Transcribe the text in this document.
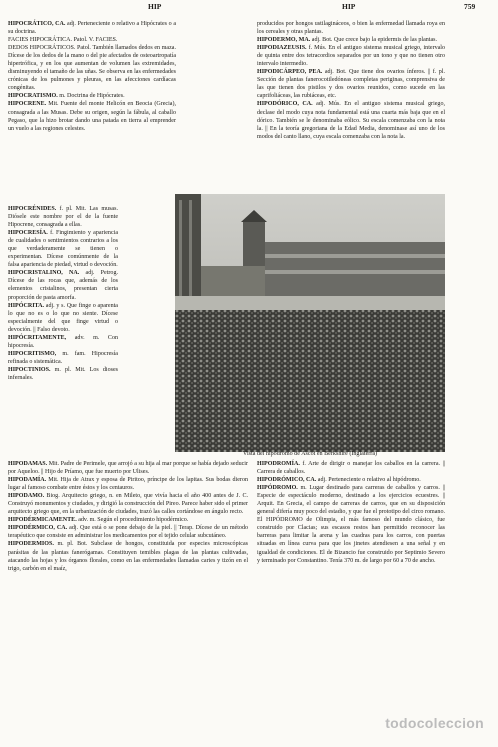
HIP	HIP	759

HIPOCRÁTICO, CA. adj. Perteneciente o relativo a Hipócrates o a su doctrina.

FACIES HIPOCRÁTICA. Patol. V. FACIES.

DEDOS HIPOCRÁTICOS. Patol. También llamados dedos en maza. Dícese de los dedos de la mano o del pie afectados de osteoartropatía hipertrófica, y en los que aumentan de volumen las extremidades, disminuyendo el tamaño de las uñas. Se observa en las enfermedades crónicas de los pulmones y pleuras, en las afecciones cardíacas congénitas.

HIPOCRATISMO. m. Doctrina de Hipócrates.

HIPOCRENE. Mit. Fuente del monte Helicón en Beocia (Grecia), consagrada a las Musas. Debe su origen, según la fábula, al caballo Pegaso, que la hizo brotar dando una patada en tierra al emprender un vuelo a las regiones celestes.

HIPOCRÉNIDES. f. pl. Mit. Las musas. Diósele este nombre por el de la fuente Hipocrene, consagrada a ellas.

HIPOCRESÍA. f. Fingimiento y apariencia de cualidades o sentimientos contrarios a los que verdaderamente se tienen o experimentan. Dícese comúnmente de la falsa apariencia de piedad, virtud o devoción.

HIPOCRISTALINO, NA. adj. Petrog. Dícese de las rocas que, además de los elementos cristalinos, presentan cierta proporción de pasta amorfa.

HIPÓCRITA. adj. y s. Que finge o aparenta lo que no es o lo que no siente. Dícese especialmente del que finge virtud o devoción. || Falso devoto.

HIPÓCRITAMENTE, adv. m. Con hipocresía.

HIPOCRITISMO, m. fam. Hipocresía refinada o sistemática.

HIPOCTINIOS. m. pl. Mit. Los dioses infernales.

HIPODAMAS. Mit. Padre de Perimele, que arrojó a su hija al mar porque se había dejado seducir por Aqueloo. || Hijo de Príamo, que fue muerto por Ulises.

HIPODAMÍA. Mit. Hija de Atrax y esposa de Piritoo, príncipe de los lapitas. Sus bodas dieron lugar al famoso combate entre éstos y los centauros.

HIPODAMO. Biog. Arquitecto griego, n. en Mileto, que vivía hacia el año 400 antes de J. C. Construyó monumentos y ciudades, y dirigió la construcción del Pireo. Parece haber sido el primer arquitecto griego que, en la urbanización de ciudades, trazó las calles cortándose en ángulo recto.

HIPODÉRMICAMENTE. adv. m. Según el procedimiento hipodérmico.

HIPODÉRMICO, CA. adj. Que está o se pone debajo de la piel. || Terap. Dícese de un método terapéutico que consiste en administrar los medicamentos por el tejido celular subcutáneo.

HIPODERMIOS. m. pl. Bot. Subclase de hongos, constituida por especies microscópicas parásitas de las plantas fanerógamas. Constituyen temibles plagas de las plantas cultivadas, atacando las hojas y los órganos florales, como en las enfermedades llamadas caries y tizón en el trigo, carbón en el maíz,

producidos por hongos ustilagináceos, o bien la enfermedad llamada roya en los cereales y otras plantas.

HIPODERMO, MA. adj. Bot. Que crece bajo la epidermis de las plantas.

HIPODIAZEUSIS. f. Mús. En el antiguo sistema musical griego, intervalo de quinta entre dos tetracordios separados por un tono y que no tienen otro intervalo intermedio.

HIPODICÁRPEO, PEA. adj. Bot. Que tiene dos ovarios ínferos. || f. pl. Sección de plantas fanerocotiledóneas completas periginas, comprensiva de las que tienen dos pistilos y dos ovarios reunidos, como sucede en las caprifoliáceas, las rubiáceas, etc.

HIPODÓRICO, CA. adj. Mús. En el antiguo sistema musical griego, declase del modo cuya nota fundamental está una cuarta más baja que en el dórico. También se le denominaba eólico. Su escala comenzaba con la nota la. || En la teoría gregoriana de la Edad Media, denominase así uno de los modos del canto llano, cuya escala comenzaba con la nota la.

HIPODROMÍA. f. Arte de dirigir o manejar los caballos en la carrera. || Carrera de caballos.

HIPODRÓMICO, CA. adj. Perteneciente o relativo al hipódromo.

HIPÓDROMO. m. Lugar destinado para carreras de caballos y carros. || Especie de espectáculo moderno, destinado a los ejercicios ecuestres. || Arquit. En Grecia, el campo de carreras de carros, que en su disposición general difería muy poco del estadio, y que fue el prototipo del circo romano. El HIPÓDROMO de Olimpia, el más famoso del mundo clásico, fue construido por Clacias; sus escasos restos han permitido reconocer las barreras para limitar la arena y las cuadras para los carros, con puertas situadas en línea curva para que los jinetes atendiesen a una señal y en igualdad de condiciones. El de Bizancio fue construido por Septimio Severo y terminado por Constantino. Tenía 370 m. de largo por 60 a 70 de ancho.

Vista del hipódromo de Ascot en Berkshire (Inglaterra)
todocoleccion
